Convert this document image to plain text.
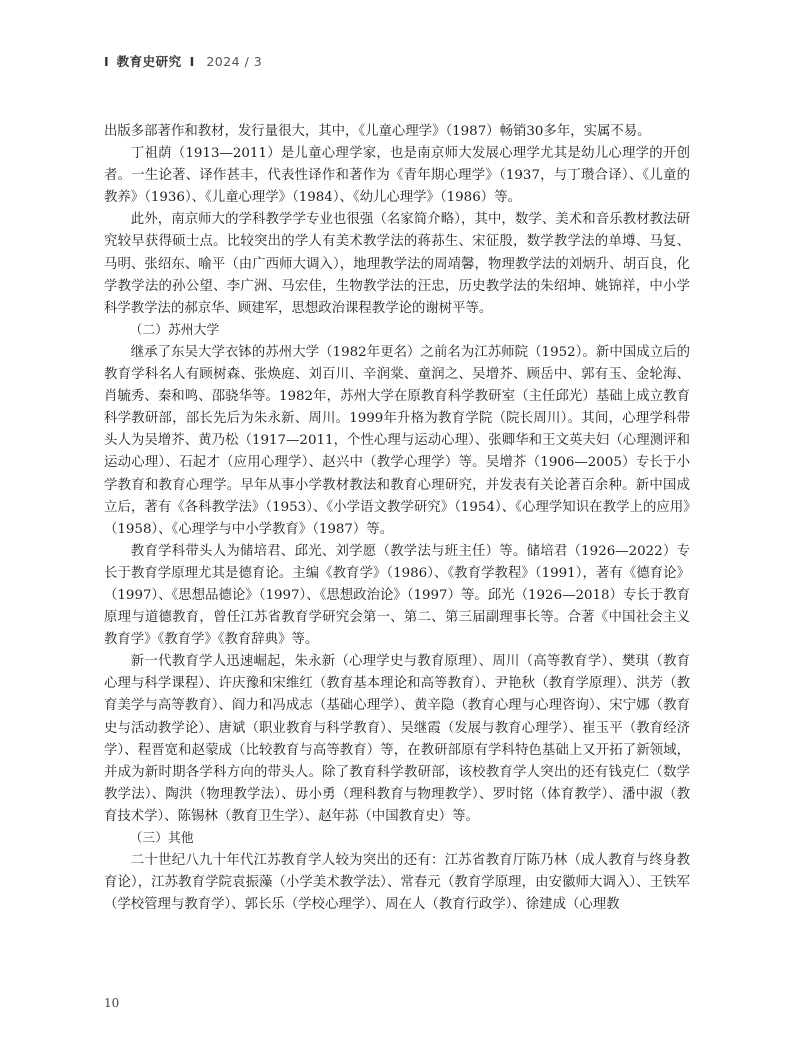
Ⅰ 教育史研究 Ⅰ 2024 / 3

出版多部著作和教材，发行量很大，其中，《儿童心理学》（1987）畅销30多年，实属不易。

丁祖荫（1913—2011）是儿童心理学家，也是南京师大发展心理学尤其是幼儿心理学的开创者。一生论著、译作甚丰，代表性译作和著作为《青年期心理学》（1937，与丁瓒合译）、《儿童的教养》（1936）、《儿童心理学》（1984）、《幼儿心理学》（1986）等。

此外，南京师大的学科教学学专业也很强（名家简介略），其中，数学、美术和音乐教材教法研究较早获得硕士点。比较突出的学人有美术教学法的蒋荪生、宋征殷，数学教学法的单墫、马复、马明、张绍东、喻平（由广西师大调入），地理教学法的周靖馨，物理教学法的刘炳升、胡百良，化学教学法的孙公望、李广洲、马宏佳，生物教学法的汪忠，历史教学法的朱绍坤、姚锦祥，中小学科学教学法的郝京华、顾建军，思想政治课程教学论的谢树平等。

（二）苏州大学

继承了东吴大学衣钵的苏州大学（1982年更名）之前名为江苏师院（1952）。新中国成立后的教育学科名人有顾树森、张焕庭、刘百川、辛润棠、童润之、吴增芥、顾岳中、郭有玉、金轮海、肖毓秀、秦和鸣、邵骁华等。1982年，苏州大学在原教育科学教研室（主任邱光）基础上成立教育科学教研部，部长先后为朱永新、周川。1999年升格为教育学院（院长周川）。其间，心理学科带头人为吴增芥、黄乃松（1917—2011，个性心理与运动心理）、张卿华和王文英夫妇（心理测评和运动心理）、石起才（应用心理学）、赵兴中（教学心理学）等。吴增芥（1906—2005）专长于小学教育和教育心理学。早年从事小学教材教法和教育心理研究，并发表有关论著百余种。新中国成立后，著有《各科教学法》（1953）、《小学语文教学研究》（1954）、《心理学知识在教学上的应用》（1958）、《心理学与中小学教育》（1987）等。

教育学科带头人为储培君、邱光、刘学愿（教学法与班主任）等。储培君（1926—2022）专长于教育学原理尤其是德育论。主编《教育学》（1986）、《教育学教程》（1991），著有《德育论》（1997）、《思想品德论》（1997）、《思想政治论》（1997）等。邱光（1926—2018）专长于教育原理与道德教育，曾任江苏省教育学研究会第一、第二、第三届副理事长等。合著《中国社会主义教育学》《教育学》《教育辞典》等。

新一代教育学人迅速崛起，朱永新（心理学史与教育原理）、周川（高等教育学）、樊琪（教育心理与科学课程）、许庆豫和宋维红（教育基本理论和高等教育）、尹艳秋（教育学原理）、洪芳（教育美学与高等教育）、阎力和冯成志（基础心理学）、黄辛隐（教育心理与心理咨询）、宋宁娜（教育史与活动教学论）、唐斌（职业教育与科学教育）、吴继霞（发展与教育心理学）、崔玉平（教育经济学）、程晋宽和赵蒙成（比较教育与高等教育）等，在教研部原有学科特色基础上又开拓了新领域，并成为新时期各学科方向的带头人。除了教育科学教研部，该校教育学人突出的还有钱克仁（数学教学法）、陶洪（物理教学法）、毋小勇（理科教育与物理教学）、罗时铭（体育教学）、潘中淑（教育技术学）、陈锡林（教育卫生学）、赵年荪（中国教育史）等。

（三）其他

二十世纪八九十年代江苏教育学人较为突出的还有：江苏省教育厅陈乃林（成人教育与终身教育论），江苏教育学院袁振藻（小学美术教学法）、常春元（教育学原理，由安徽师大调入）、王铁军（学校管理与教育学）、郭长乐（学校心理学）、周在人（教育行政学）、徐建成（心理教

10
